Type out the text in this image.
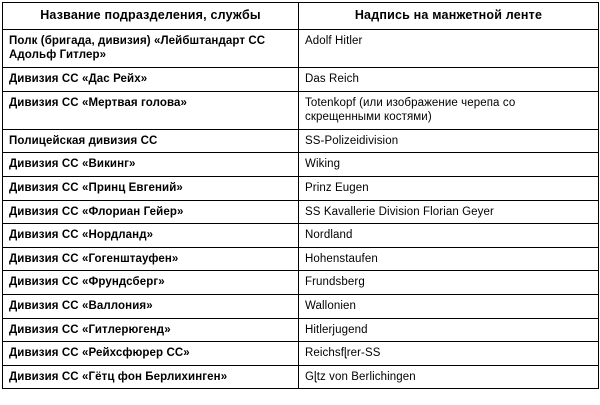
Название подразделения, службы	Надпись на манжетной ленте
Полк (бригада, дивизия) «Лейбштандарт СС Адольф Гитлер»	Adolf Hitler
Дивизия СС «Дас Рейх»	Das Reich
Дивизия СС «Мертвая голова»	Totenkopf (или изображение черепа со скрещенными костями)
Полицейская дивизия СС	SS-Polizeidivision
Дивизия СС «Викинг»	Wiking
Дивизия СС «Принц Евгений»	Prinz Eugen
Дивизия СС «Флориан Гейер»	SS Kavallerie Division Florian Geyer
Дивизия СС «Нордланд»	Nordland
Дивизия СС «Гогенштауфен»	Hohenstaufen
Дивизия СС «Фрундсберг»	Frundsberg
Дивизия СС «Валлония»	Wallonien
Дивизия СС «Гитлерюгенд»	Hitlerjugend
Дивизия СС «Рейхсфюрер СС»	Reichsfɭrer-SS
Дивизия СС «Гётц фон Берлихинген»	Gɭtz von Berlichingen
